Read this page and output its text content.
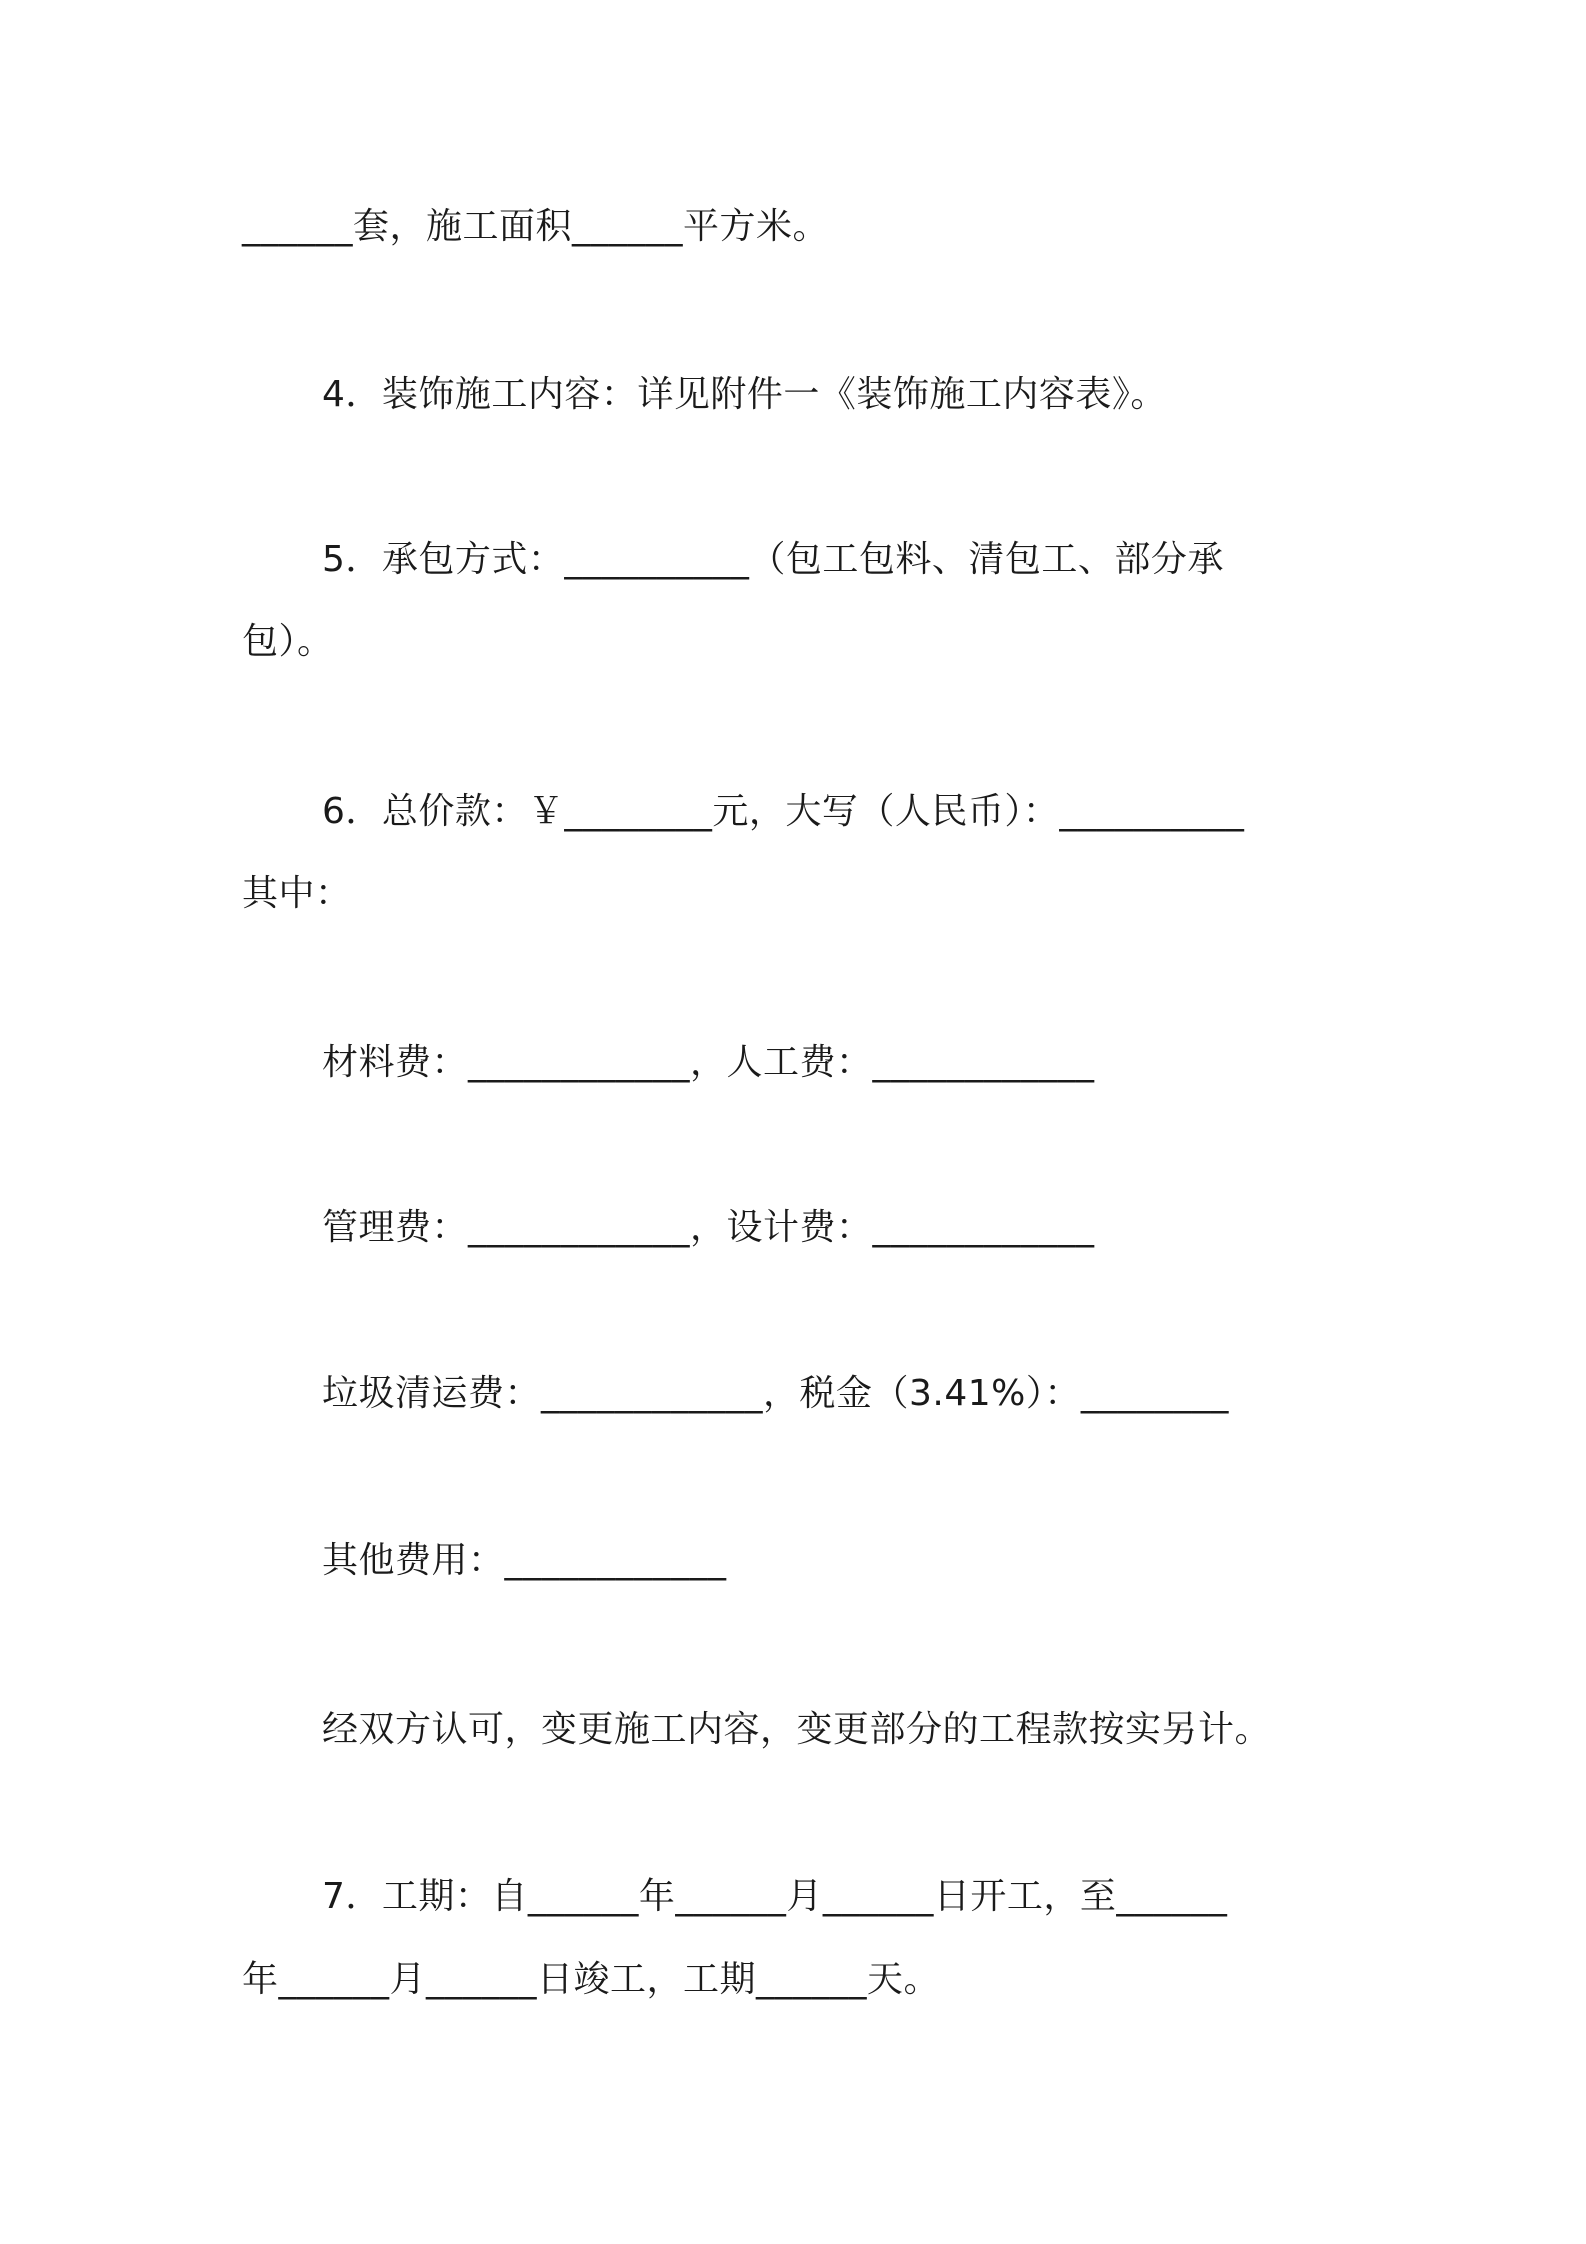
______套，施工面积______平方米。
4．装饰施工内容：详见附件一《装饰施工内容表》。
5．承包方式：__________（包工包料、清包工、部分承
包）。
6．总价款：￥________元，大写（人民币）：__________
其中：
材料费：____________，人工费：____________
管理费：____________，设计费：____________
垃圾清运费：____________，税金（3.41%）：________
其他费用：____________
经双方认可，变更施工内容，变更部分的工程款按实另计。
7．工期：自______年______月______日开工，至______
年______月______日竣工，工期______天。
